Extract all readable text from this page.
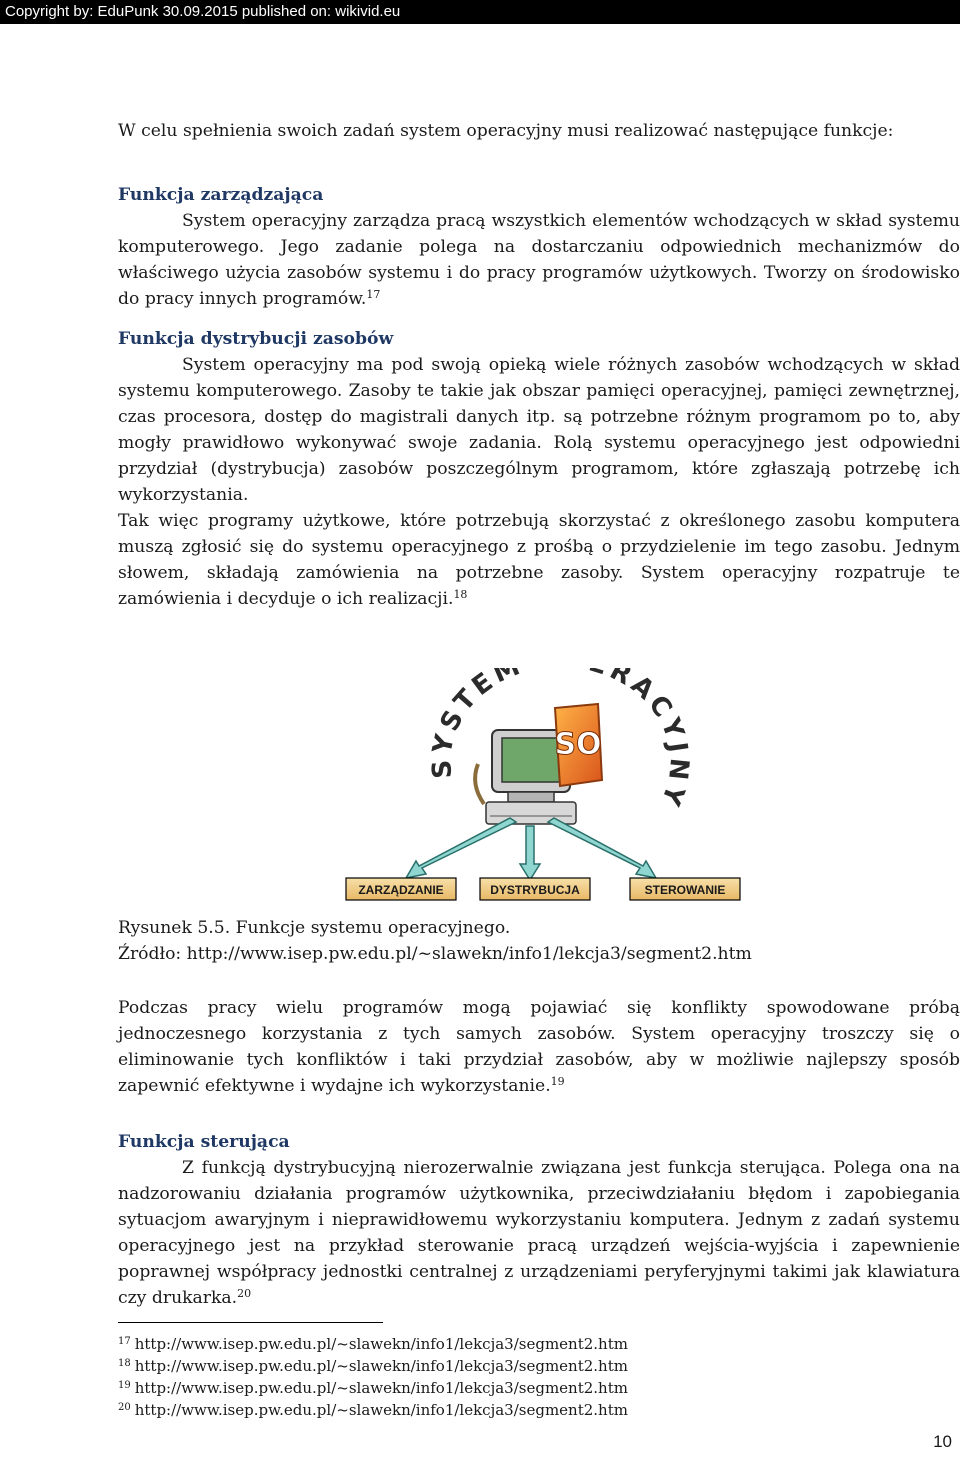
Copyright by: EduPunk 30.09.2015 published on: wikivid.eu

W celu spełnienia swoich zadań system operacyjny musi realizować następujące funkcje:

Funkcja zarządzająca

System operacyjny zarządza pracą wszystkich elementów wchodzących w skład systemu komputerowego. Jego zadanie polega na dostarczaniu odpowiednich mechanizmów do właściwego użycia zasobów systemu i do pracy programów użytkowych. Tworzy on środowisko do pracy innych programów.$^{17}$

Funkcja dystrybucji zasobów

System operacyjny ma pod swoją opieką wiele różnych zasobów wchodzących w skład systemu komputerowego. Zasoby te takie jak obszar pamięci operacyjnej, pamięci zewnętrznej, czas procesora, dostęp do magistrali danych itp. są potrzebne różnym programom po to, aby mogły prawidłowo wykonywać swoje zadania. Rolą systemu operacyjnego jest odpowiedni przydział (dystrybucja) zasobów poszczególnym programom, które zgłaszają potrzebę ich wykorzystania.

Tak więc programy użytkowe, które potrzebują skorzystać z określonego zasobu komputera muszą zgłosić się do systemu operacyjnego z prośbą o przydzielenie im tego zasobu. Jednym słowem, składają zamówienia na potrzebne zasoby. System operacyjny rozpatruje te zamówienia i decyduje o ich realizacji.$^{18}$

SO
SYSTEM RACYJNY
ZARZĄDZANIE	DYSTRYBUCJA	STEROWANIE
Rysunek 5.5. Funkcje systemu operacyjnego.
Źródło: http://www.isep.pw.edu.pl/~slawekn/info1/lekcja3/segment2.htm

Podczas pracy wielu programów mogą pojawiać się konflikty spowodowane próbą jednoczesnego korzystania z tych samych zasobów. System operacyjny troszczy się o eliminowanie tych konfliktów i taki przydział zasobów, aby w możliwie najlepszy sposób zapewnić efektywne i wydajne ich wykorzystanie.$^{19}$

Funkcja sterująca

Z funkcją dystrybucyjną nierozerwalnie związana jest funkcja sterująca. Polega ona na nadzorowaniu działania programów użytkownika, przeciwdziałaniu błędom i zapobiegania sytuacjom awaryjnym i nieprawidłowemu wykorzystaniu komputera. Jednym z zadań systemu operacyjnego jest na przykład sterowanie pracą urządzeń wejścia-wyjścia i zapewnienie poprawnej współpracy jednostki centralnej z urządzeniami peryferyjnymi takimi jak klawiatura czy drukarka.$^{20}$

$^{17}$ http://www.isep.pw.edu.pl/~slawekn/info1/lekcja3/segment2.htm
$^{18}$ http://www.isep.pw.edu.pl/~slawekn/info1/lekcja3/segment2.htm
$^{19}$ http://www.isep.pw.edu.pl/~slawekn/info1/lekcja3/segment2.htm
$^{20}$ http://www.isep.pw.edu.pl/~slawekn/info1/lekcja3/segment2.htm
10
